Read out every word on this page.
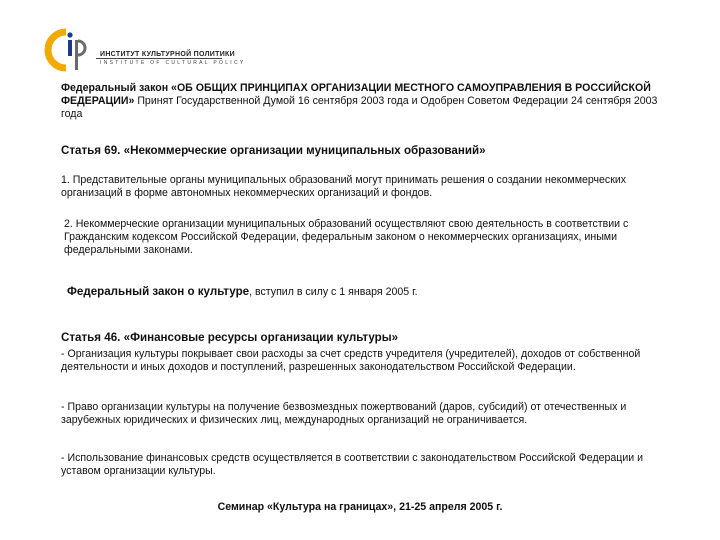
ИНСТИТУТ КУЛЬТУРНОЙ ПОЛИТИКИ
INSTITUTE OF CULTURAL POLICY

Федеральный закон «ОБ ОБЩИХ ПРИНЦИПАХ ОРГАНИЗАЦИИ МЕСТНОГО САМОУПРАВЛЕНИЯ В РОССИЙСКОЙ ФЕДЕРАЦИИ» Принят Государственной Думой 16 сентября 2003 года и Одобрен Советом Федерации 24 сентября 2003 года

Статья 69. «Некоммерческие организации муниципальных образований»

1. Представительные органы муниципальных образований могут принимать решения о создании некоммерческих организаций в форме автономных некоммерческих организаций и фондов.

2. Некоммерческие организации муниципальных образований осуществляют свою деятельность в соответствии с Гражданским кодексом Российской Федерации, федеральным законом о некоммерческих организациях, иными федеральными законами.

Федеральный закон о культуре, вступил в силу с 1 января 2005 г.

Статья 46. «Финансовые ресурсы организации культуры»

- Организация культуры покрывает свои расходы за счет средств учредителя (учредителей), доходов от собственной деятельности и иных доходов и поступлений, разрешенных законодательством Российской Федерации.

- Право организации культуры на получение безвозмездных пожертвований (даров, субсидий) от отечественных и зарубежных юридических и физических лиц, международных организаций не ограничивается.

- Использование финансовых средств осуществляется в соответствии с законодательством Российской Федерации и уставом организации культуры.

Семинар «Культура на границах», 21-25 апреля 2005 г.
